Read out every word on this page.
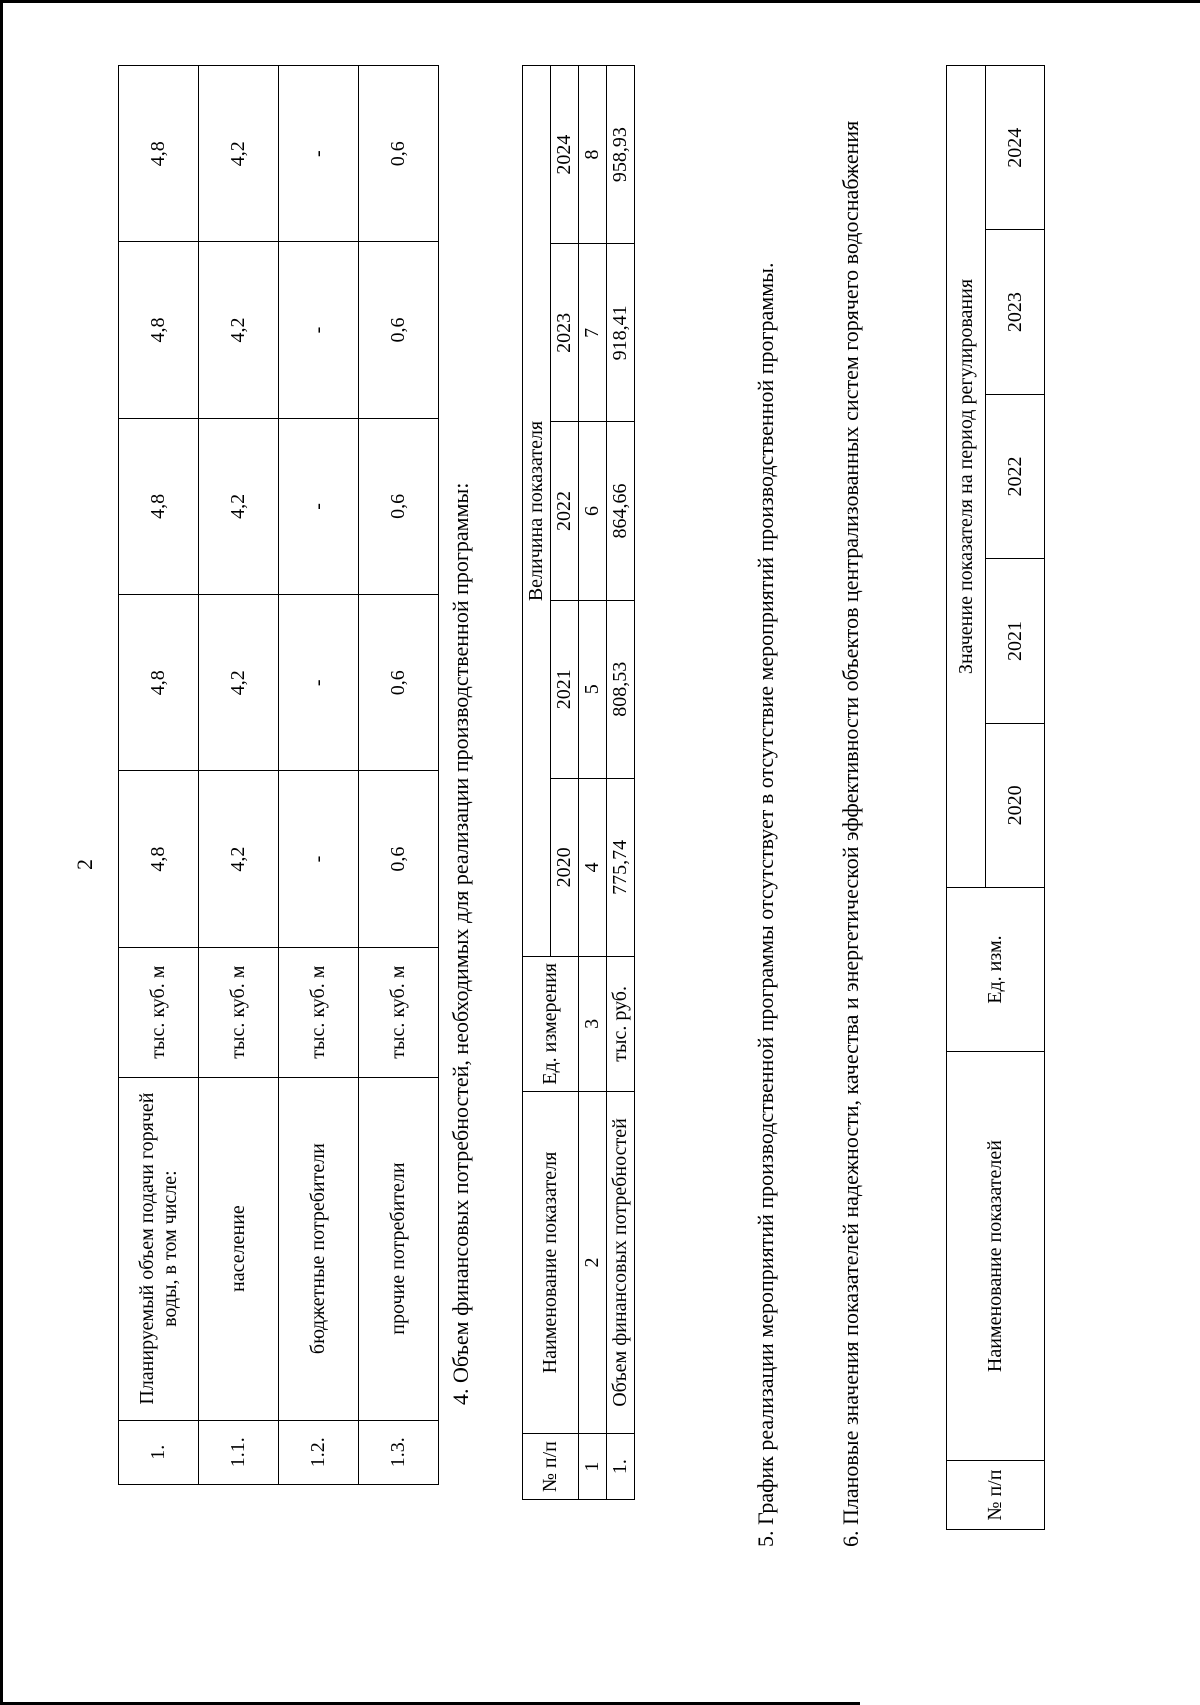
2
1.	Планируемый объем подачи горячей воды, в том числе:	тыс. куб. м	4,8	4,8	4,8	4,8	4,8
1.1.	население	тыс. куб. м	4,2	4,2	4,2	4,2	4,2
1.2.	бюджетные потребители	тыс. куб. м	-	-	-	-	-
1.3.	прочие потребители	тыс. куб. м	0,6	0,6	0,6	0,6	0,6
4. Объем финансовых потребностей, необходимых для реализации производственной программы:
№ п/п	Наименование показателя	Ед. измерения	Величина показателя				
			2020	2021	2022	2023	2024
1	2	3	4	5	6	7	8
1.	Объем финансовых потребностей	тыс. руб.	775,74	808,53	864,66	918,41	958,93
5. График реализации мероприятий производственной программы отсутствует в отсутствие мероприятий производственной программы.	6. Плановые значения показателей надежности, качества и энергетической эффективности объектов централизованных систем горячего водоснабжения	№ п/п	Наименование показателей	Ед. изм.	Значение показателя на период регулирования				
			2020	2021	2022	2023	2024
